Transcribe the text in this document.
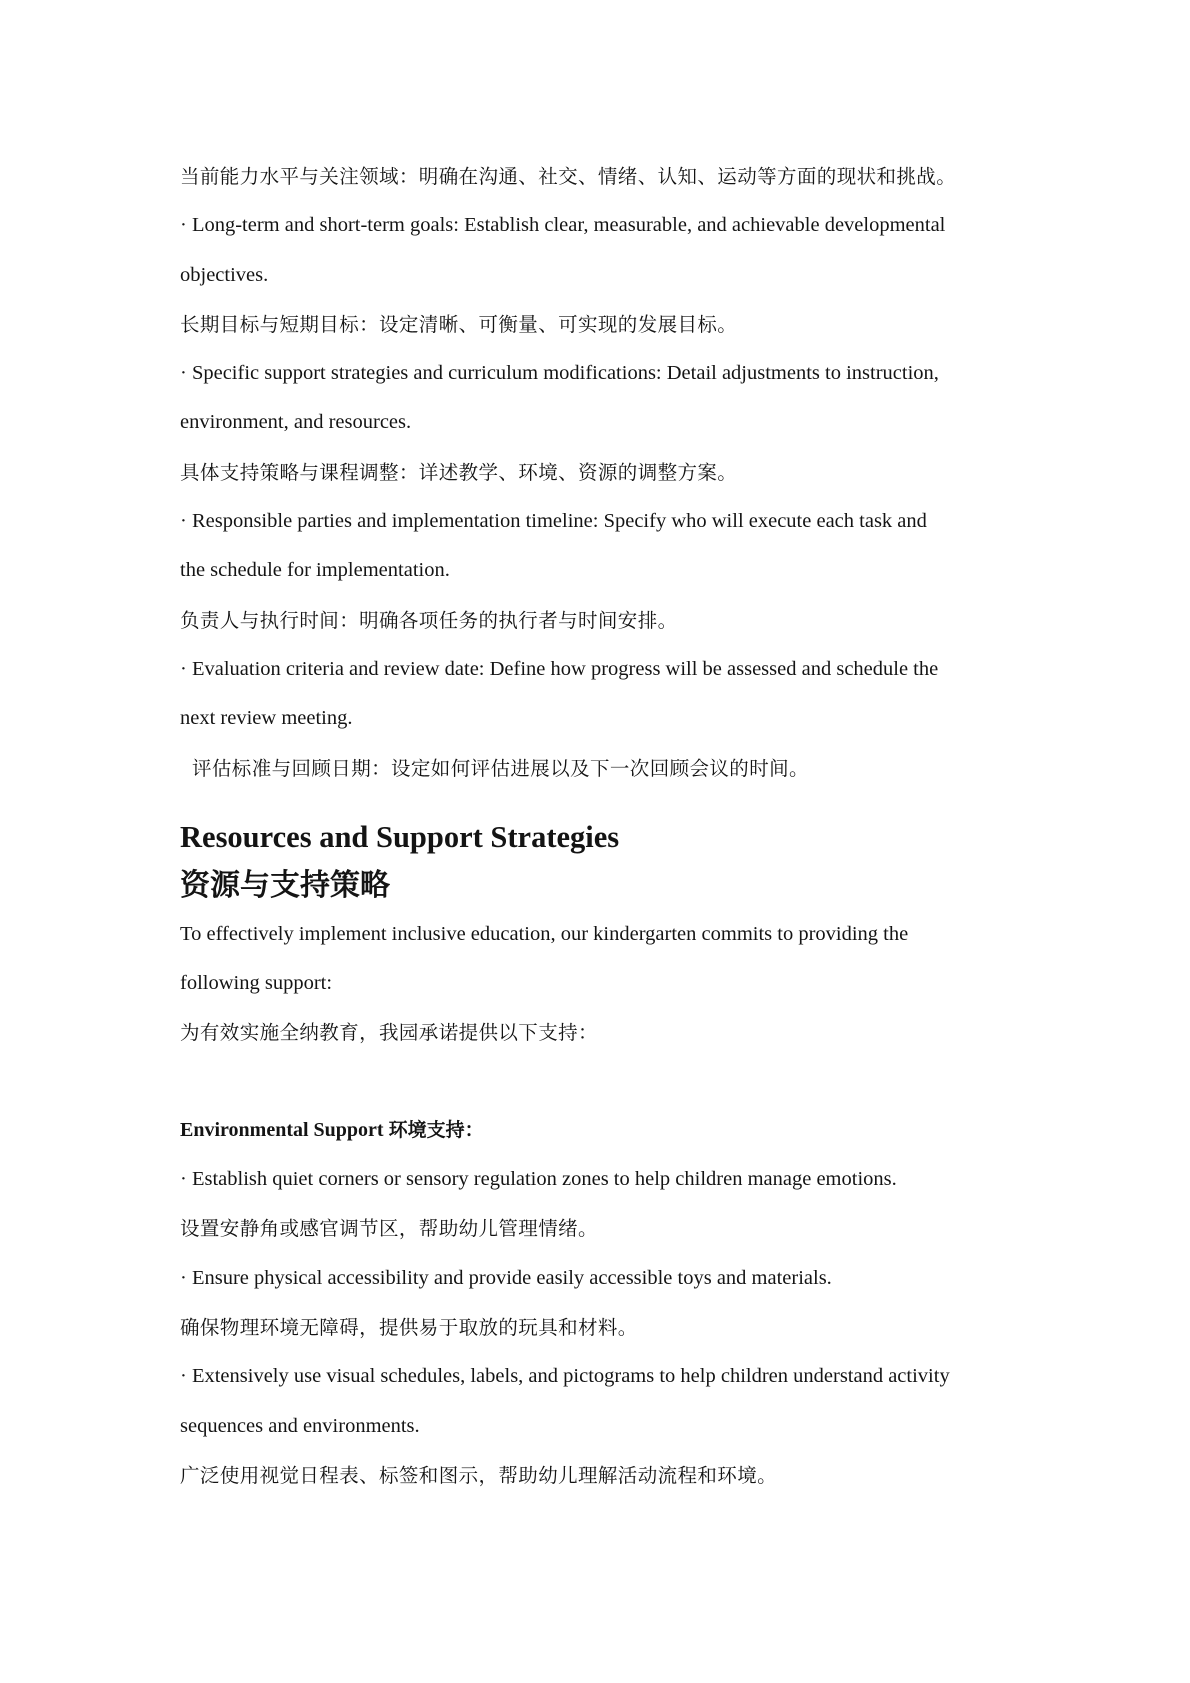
当前能力水平与关注领域：明确在沟通、社交、情绪、认知、运动等方面的现状和挑战。

· Long-term and short-term goals: Establish clear, measurable, and achievable developmental

objectives.

长期目标与短期目标：设定清晰、可衡量、可实现的发展目标。

· Specific support strategies and curriculum modifications: Detail adjustments to instruction,

environment, and resources.

具体支持策略与课程调整：详述教学、环境、资源的调整方案。

· Responsible parties and implementation timeline: Specify who will execute each task and

the schedule for implementation.

负责人与执行时间：明确各项任务的执行者与时间安排。

· Evaluation criteria and review date: Define how progress will be assessed and schedule the

next review meeting.

评估标准与回顾日期：设定如何评估进展以及下一次回顾会议的时间。

Resources and Support Strategies
资源与支持策略

To effectively implement inclusive education, our kindergarten commits to providing the

following support:

为有效实施全纳教育，我园承诺提供以下支持：

Environmental Support 环境支持：

· Establish quiet corners or sensory regulation zones to help children manage emotions.

设置安静角或感官调节区，帮助幼儿管理情绪。

· Ensure physical accessibility and provide easily accessible toys and materials.

确保物理环境无障碍，提供易于取放的玩具和材料。

· Extensively use visual schedules, labels, and pictograms to help children understand activity

sequences and environments.

广泛使用视觉日程表、标签和图示，帮助幼儿理解活动流程和环境。
